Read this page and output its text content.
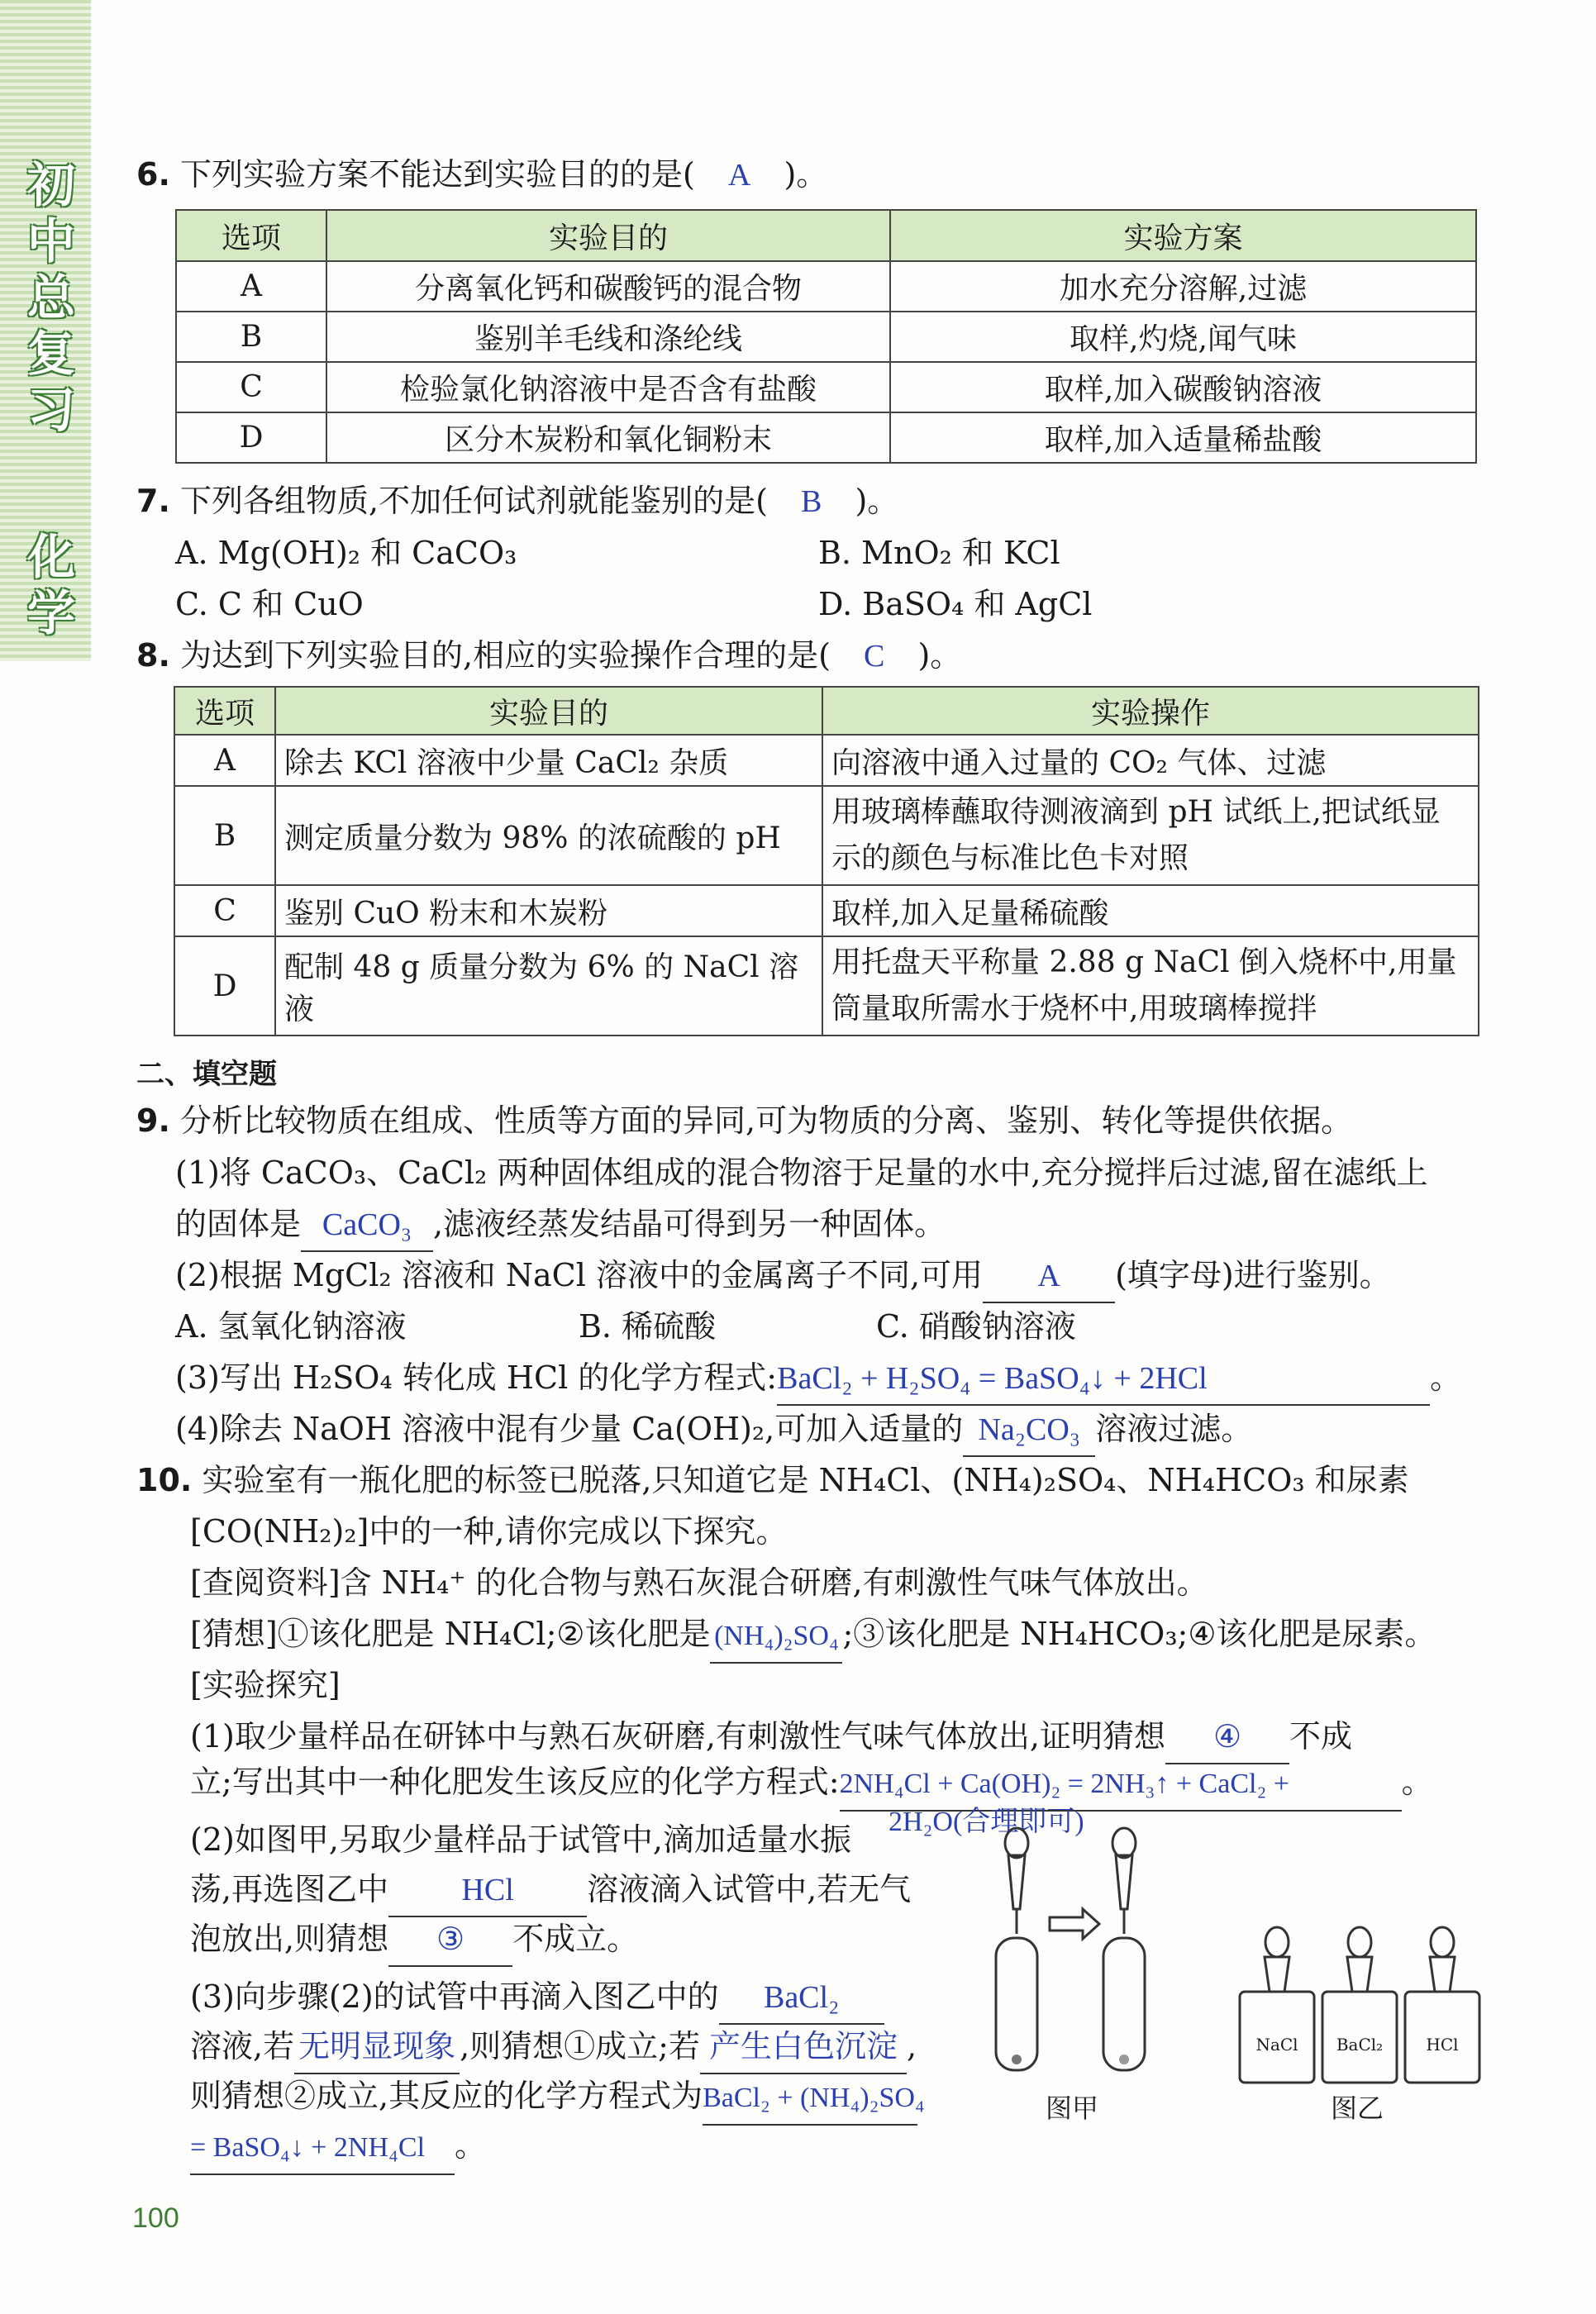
初中总复习
化学
6. 下列实验方案不能达到实验目的的是( A )。
选项	实验目的	实验方案
A	分离氧化钙和碳酸钙的混合物	加水充分溶解,过滤
B	鉴别羊毛线和涤纶线	取样,灼烧,闻气味
C	检验氯化钠溶液中是否含有盐酸	取样,加入碳酸钠溶液
D	区分木炭粉和氧化铜粉末	取样,加入适量稀盐酸
7. 下列各组物质,不加任何试剂就能鉴别的是( B )。
A. Mg(OH)₂ 和 CaCO₃	B. MnO₂ 和 KCl
C. C 和 CuO	D. BaSO₄ 和 AgCl
8. 为达到下列实验目的,相应的实验操作合理的是( C )。
选项	实验目的	实验操作
A	除去 KCl 溶液中少量 CaCl₂ 杂质	向溶液中通入过量的 CO₂ 气体、过滤
B	测定质量分数为 98% 的浓硫酸的 pH	用玻璃棒蘸取待测液滴到 pH 试纸上,把试纸显示的颜色与标准比色卡对照
C	鉴别 CuO 粉末和木炭粉	取样,加入足量稀硫酸
D	配制 48 g 质量分数为 6% 的 NaCl 溶液	用托盘天平称量 2.88 g NaCl 倒入烧杯中,用量筒量取所需水于烧杯中,用玻璃棒搅拌
二、填空题
9. 分析比较物质在组成、性质等方面的异同,可为物质的分离、鉴别、转化等提供依据。
(1)将 CaCO₃、CaCl₂ 两种固体组成的混合物溶于足量的水中,充分搅拌后过滤,留在滤纸上
的固体是 CaCO₃ ,滤液经蒸发结晶可得到另一种固体。
(2)根据 MgCl₂ 溶液和 NaCl 溶液中的金属离子不同,可用 A (填字母)进行鉴别。
A. 氢氧化钠溶液	B. 稀硫酸	C. 硝酸钠溶液
(3)写出 H₂SO₄ 转化成 HCl 的化学方程式:BaCl₂ + H₂SO₄ = BaSO₄↓ + 2HCl	。
(4)除去 NaOH 溶液中混有少量 Ca(OH)₂,可加入适量的 Na₂CO₃ 溶液过滤。
10. 实验室有一瓶化肥的标签已脱落,只知道它是 NH₄Cl、(NH₄)₂SO₄、NH₄HCO₃ 和尿素
[CO(NH₂)₂]中的一种,请你完成以下探究。
[查阅资料]含 NH₄⁺ 的化合物与熟石灰混合研磨,有刺激性气味气体放出。
[猜想]①该化肥是 NH₄Cl;②该化肥是 (NH₄)₂SO₄ ;③该化肥是 NH₄HCO₃;④该化肥是尿素。
[实验探究]
(1)取少量样品在研钵中与熟石灰研磨,有刺激性气味气体放出,证明猜想 ④ 不成
立;写出其中一种化肥发生该反应的化学方程式:2NH₄Cl + Ca(OH)₂ = 2NH₃↑ + CaCl₂ +	。
2H₂O(合理即可)
(2)如图甲,另取少量样品于试管中,滴加适量水振
荡,再选图乙中 HCl 溶液滴入试管中,若无气
泡放出,则猜想 ③ 不成立。
(3)向步骤(2)的试管中再滴入图乙中的 BaCl₂
溶液,若 无明显现象 ,则猜想①成立;若 产生白色沉淀 ,
则猜想②成立,其反应的化学方程式为BaCl₂ + (NH₄)₂SO₄
= BaSO₄↓ + 2NH₄Cl 。
图甲
NaCl	BaCl₂	HCl
图乙
100
